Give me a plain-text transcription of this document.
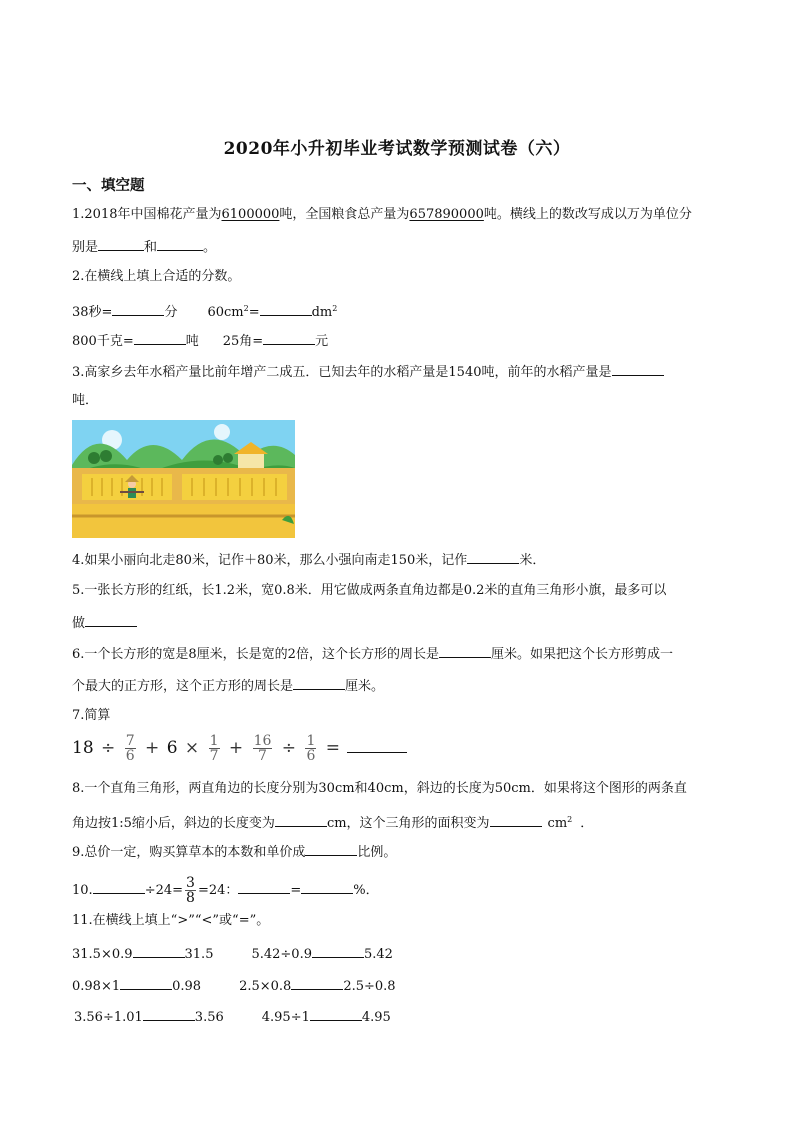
2020年小升初毕业考试数学预测试卷（六）
一、填空题
1.2018年中国棉花产量为6100000吨，全国粮食总产量为657890000吨。横线上的数改写成以万为单位分
别是	和	。
2.在横线上填上合适的分数。
38秒=	分 $60cm^2=$	$dm^2$
800千克=	吨 25角=	元
3.高家乡去年水稻产量比前年增产二成五．已知去年的水稻产量是1540吨，前年的水稻产量是
吨．
4.如果小丽向北走80米，记作＋80米，那么小强向南走150米，记作	米．
5.一张长方形的红纸，长1.2米，宽0.8米．用它做成两条直角边都是0.2米的直角三角形小旗，最多可以
做
6.一个长方形的宽是8厘米，长是宽的2倍，这个长方形的周长是	厘米。如果把这个长方形剪成一
个最大的正方形，这个正方形的周长是	厘米。
7.简算
$18 \div \frac{7}{6} + 6 \times \frac{1}{7} + \frac{16}{7} \div \frac{1}{6}$ =
8.一个直角三角形，两直角边的长度分别为30cm和40cm，斜边的长度为50cm．如果将这个图形的两条直
角边按1:5缩小后，斜边的长度变为	cm，这个三角形的面积变为	$cm^2$ ．
9.总价一定，购买算草本的本数和单价成	比例。
10.	$\div 24= \frac{3}{8} =24$：	=	%．
11.在横线上填上“>”“<”或“=”。
31.5×0.9	31.5	5.42÷0.9	5.42
0.98×1	0.98	2.5×0.8	2.5÷0.8
3.56÷1.01	3.56	4.95÷1	4.95
